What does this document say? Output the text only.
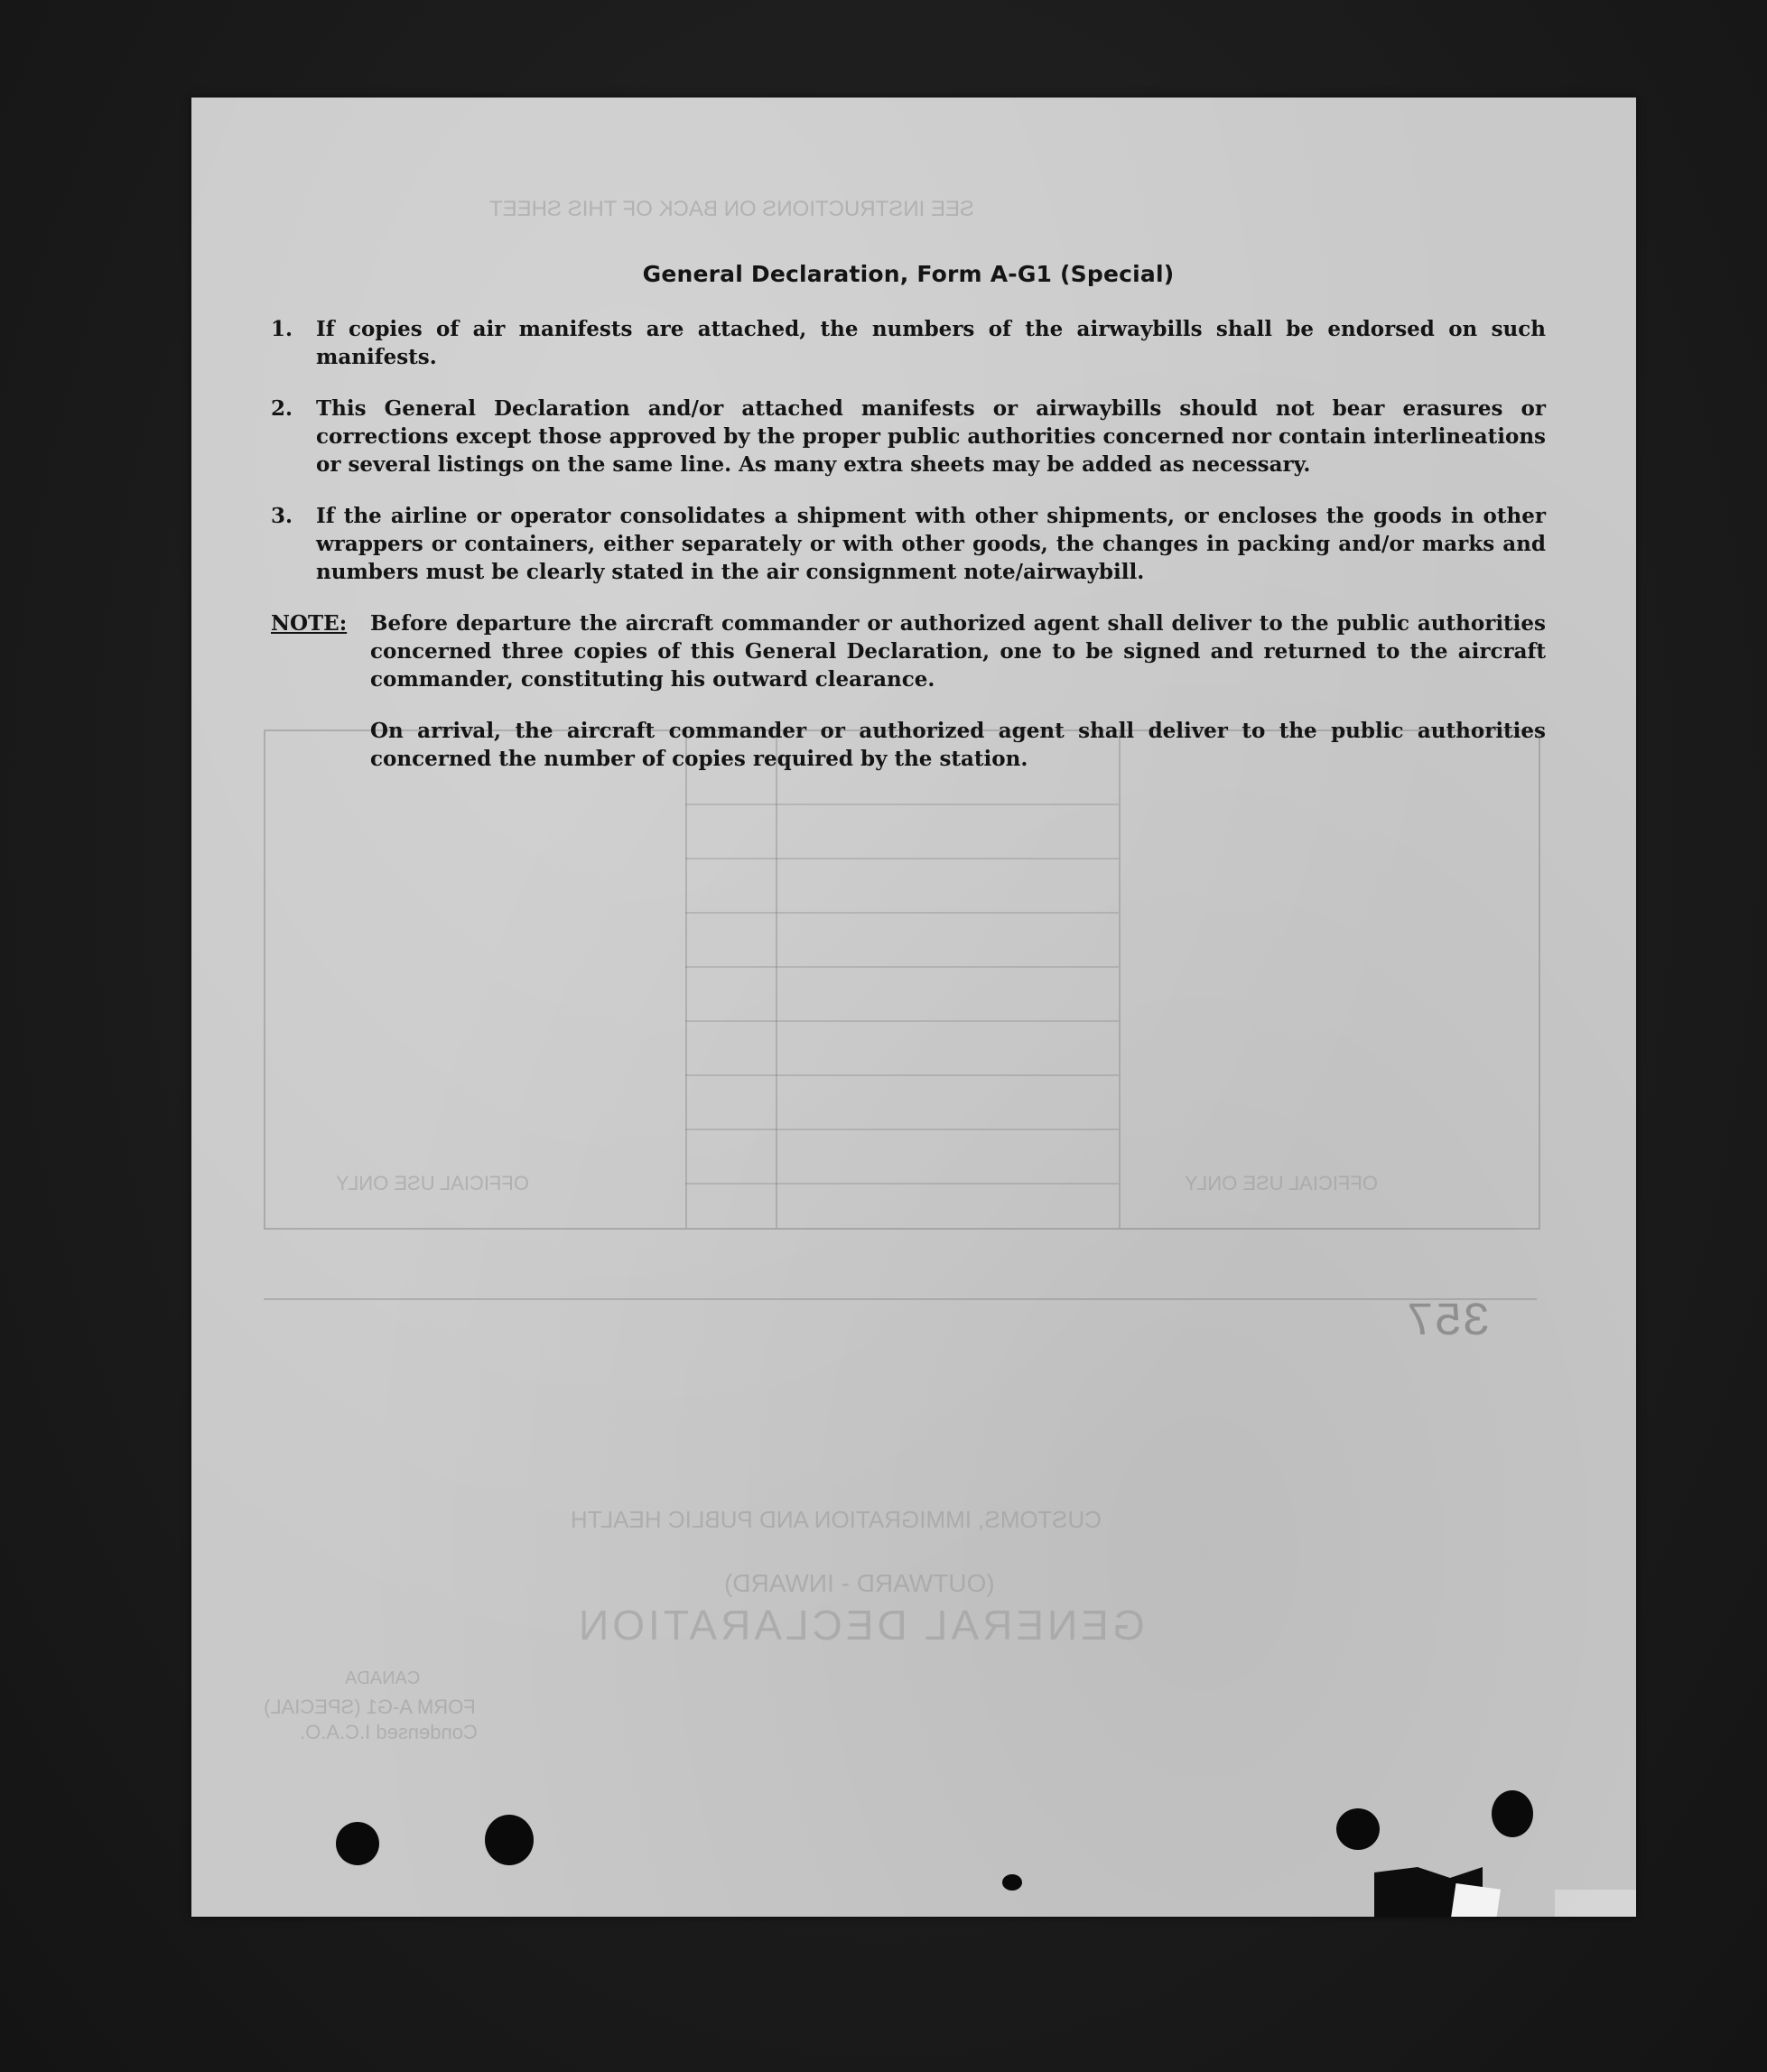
SEE INSTRUCTIONS ON BACK OF THIS SHEET
OFFICIAL USE ONLY	OFFICIAL USE ONLY
CUSTOMS, IMMIGRATION AND PUBLIC HEALTH
(OUTWARD - INWARD)
GENERAL DECLARATION
CANADA
FORM A-G1 (SPECIAL)
Condensed I.C.A.O.
General Declaration, Form A-G1 (Special)
1.	If copies of air manifests are attached, the numbers of the airwaybills shall be endorsed on such manifests.
2.	This General Declaration and/or attached manifests or airwaybills should not bear erasures or corrections except those approved by the proper public authorities concerned nor contain interlineations or several listings on the same line. As many extra sheets may be added as necessary.
3.	If the airline or operator consolidates a shipment with other shipments, or encloses the goods in other wrappers or containers, either separately or with other goods, the changes in packing and/or marks and numbers must be clearly stated in the air consignment note/airwaybill.
NOTE:	Before departure the aircraft commander or authorized agent shall deliver to the public authorities concerned three copies of this General Declaration, one to be signed and returned to the aircraft commander, constituting his outward clearance.
On arrival, the aircraft commander or authorized agent shall deliver to the public authorities concerned the number of copies required by the station.
357
